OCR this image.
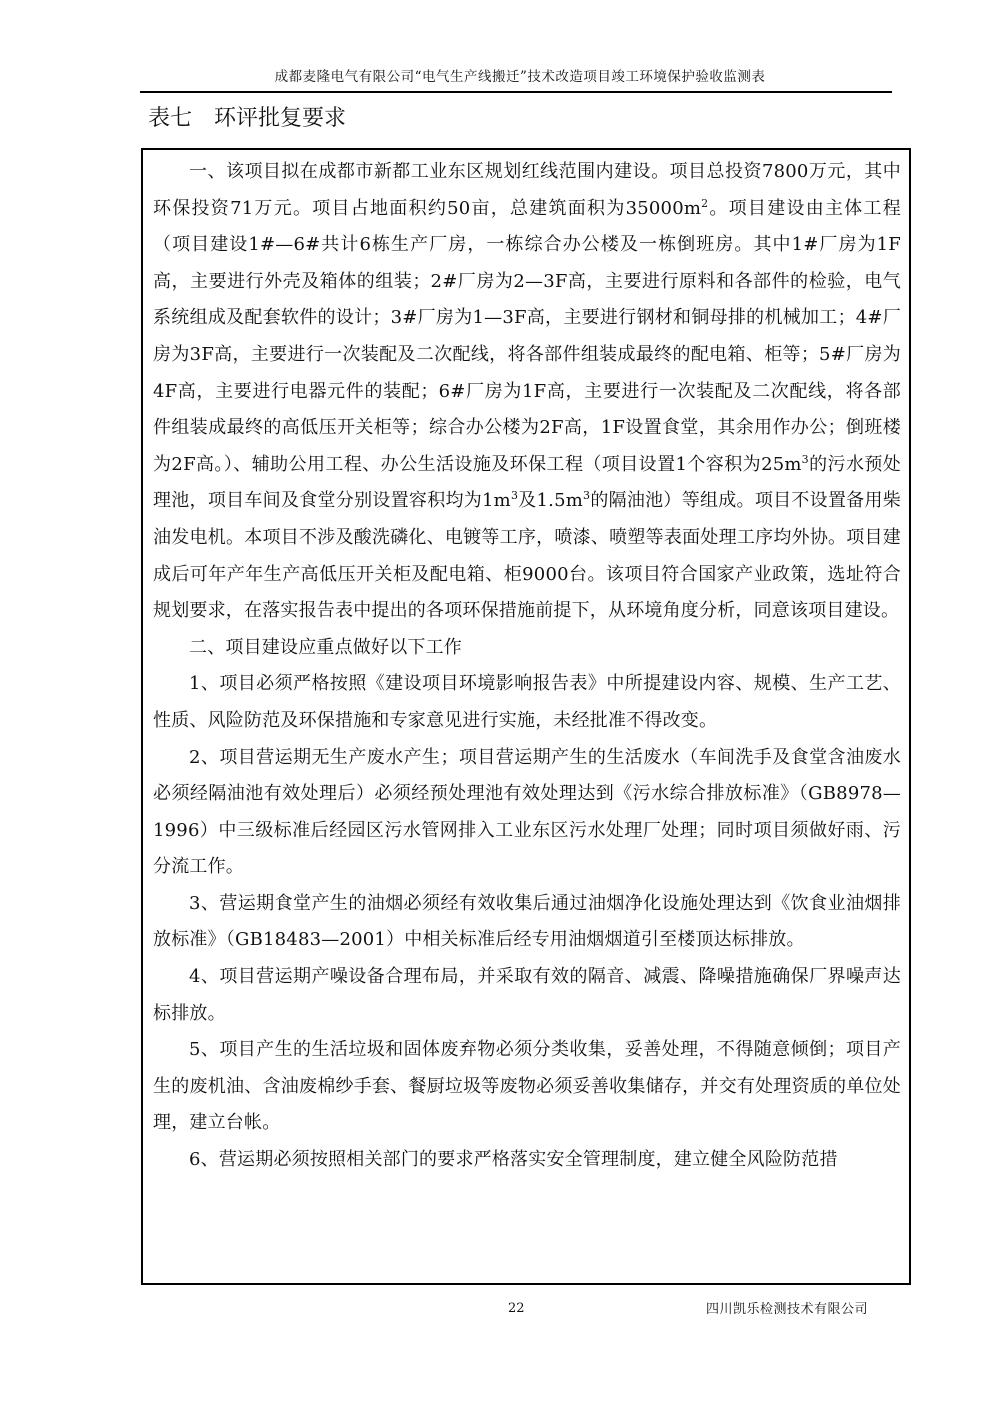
成都麦隆电气有限公司“电气生产线搬迁”技术改造项目竣工环境保护验收监测表
表七　环评批复要求

一、该项目拟在成都市新都工业东区规划红线范围内建设。项目总投资7800万元，其中环保投资71万元。项目占地面积约50亩，总建筑面积为$35000m^2$。项目建设由主体工程（项目建设1#—6#共计6栋生产厂房，一栋综合办公楼及一栋倒班房。其中1#厂房为1F高，主要进行外壳及箱体的组装；2#厂房为2—3F高，主要进行原料和各部件的检验，电气系统组成及配套软件的设计；3#厂房为1—3F高，主要进行钢材和铜母排的机械加工；4#厂房为3F高，主要进行一次装配及二次配线，将各部件组装成最终的配电箱、柜等；5#厂房为4F高，主要进行电器元件的装配；6#厂房为1F高，主要进行一次装配及二次配线，将各部件组装成最终的高低压开关柜等；综合办公楼为2F高，1F设置食堂，其余用作办公；倒班楼为2F高。）、辅助公用工程、办公生活设施及环保工程（项目设置1个容积为$25m^3$的污水预处理池，项目车间及食堂分别设置容积均为$1m^3$及$1.5m^3$的隔油池）等组成。项目不设置备用柴油发电机。本项目不涉及酸洗磷化、电镀等工序，喷漆、喷塑等表面处理工序均外协。项目建成后可年产年生产高低压开关柜及配电箱、柜9000台。该项目符合国家产业政策，选址符合规划要求，在落实报告表中提出的各项环保措施前提下，从环境角度分析，同意该项目建设。

二、项目建设应重点做好以下工作

1、项目必须严格按照《建设项目环境影响报告表》中所提建设内容、规模、生产工艺、性质、风险防范及环保措施和专家意见进行实施，未经批准不得改变。

2、项目营运期无生产废水产生；项目营运期产生的生活废水（车间洗手及食堂含油废水必须经隔油池有效处理后）必须经预处理池有效处理达到《污水综合排放标准》（GB8978—1996）中三级标准后经园区污水管网排入工业东区污水处理厂处理；同时项目须做好雨、污分流工作。

3、营运期食堂产生的油烟必须经有效收集后通过油烟净化设施处理达到《饮食业油烟排放标准》（GB18483—2001）中相关标准后经专用油烟烟道引至楼顶达标排放。

4、项目营运期产噪设备合理布局，并采取有效的隔音、减震、降噪措施确保厂界噪声达标排放。

5、项目产生的生活垃圾和固体废弃物必须分类收集，妥善处理，不得随意倾倒；项目产生的废机油、含油废棉纱手套、餐厨垃圾等废物必须妥善收集储存，并交有处理资质的单位处理，建立台帐。

6、营运期必须按照相关部门的要求严格落实安全管理制度，建立健全风险防范措

22	四川凯乐检测技术有限公司
